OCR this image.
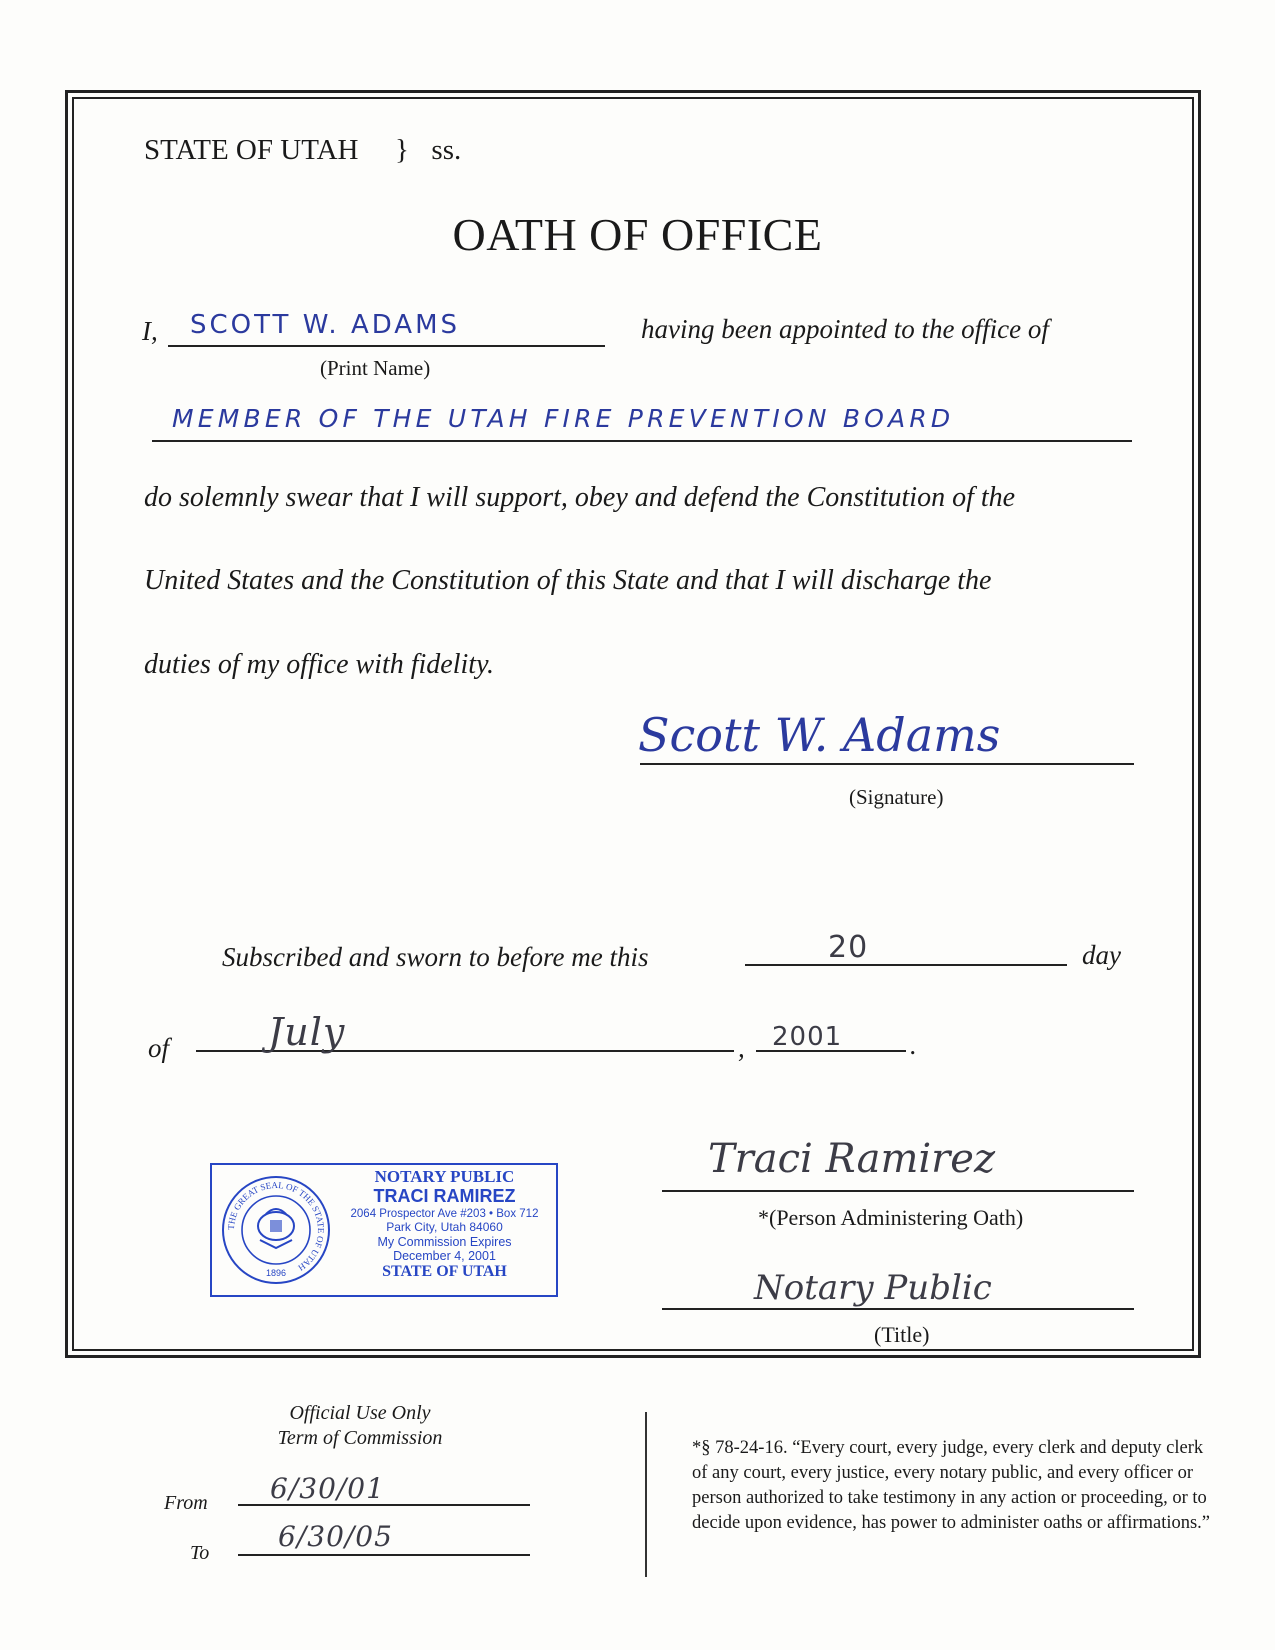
STATE OF UTAH } ss.
OATH OF OFFICE
I, SCOTT W. ADAMS
(Print Name)
having been appointed to the office of
MEMBER OF THE UTAH FIRE PREVENTION BOARD
do solemnly swear that I will support, obey and defend the Constitution of the
United States and the Constitution of this State and that I will discharge the
duties of my office with fidelity.
Scott W. Adams
(Signature)
Subscribed and sworn to before me this	20	day
of	July	, 2001	.
THE GREAT SEAL OF THE STATE OF UTAH
1896
NOTARY PUBLIC
TRACI RAMIREZ
2064 Prospector Ave #203 • Box 712
Park City, Utah 84060
My Commission Expires
December 4, 2001
STATE OF UTAH
Traci Ramirez
*(Person Administering Oath)
Notary Public
(Title)
Official Use Only
Term of Commission
From 6/30/01
To 6/30/05
*§ 78-24-16. “Every court, every judge, every clerk and deputy clerk of any court, every justice, every notary public, and every officer or person authorized to take testimony in any action or proceeding, or to decide upon evidence, has power to administer oaths or affirmations.”
